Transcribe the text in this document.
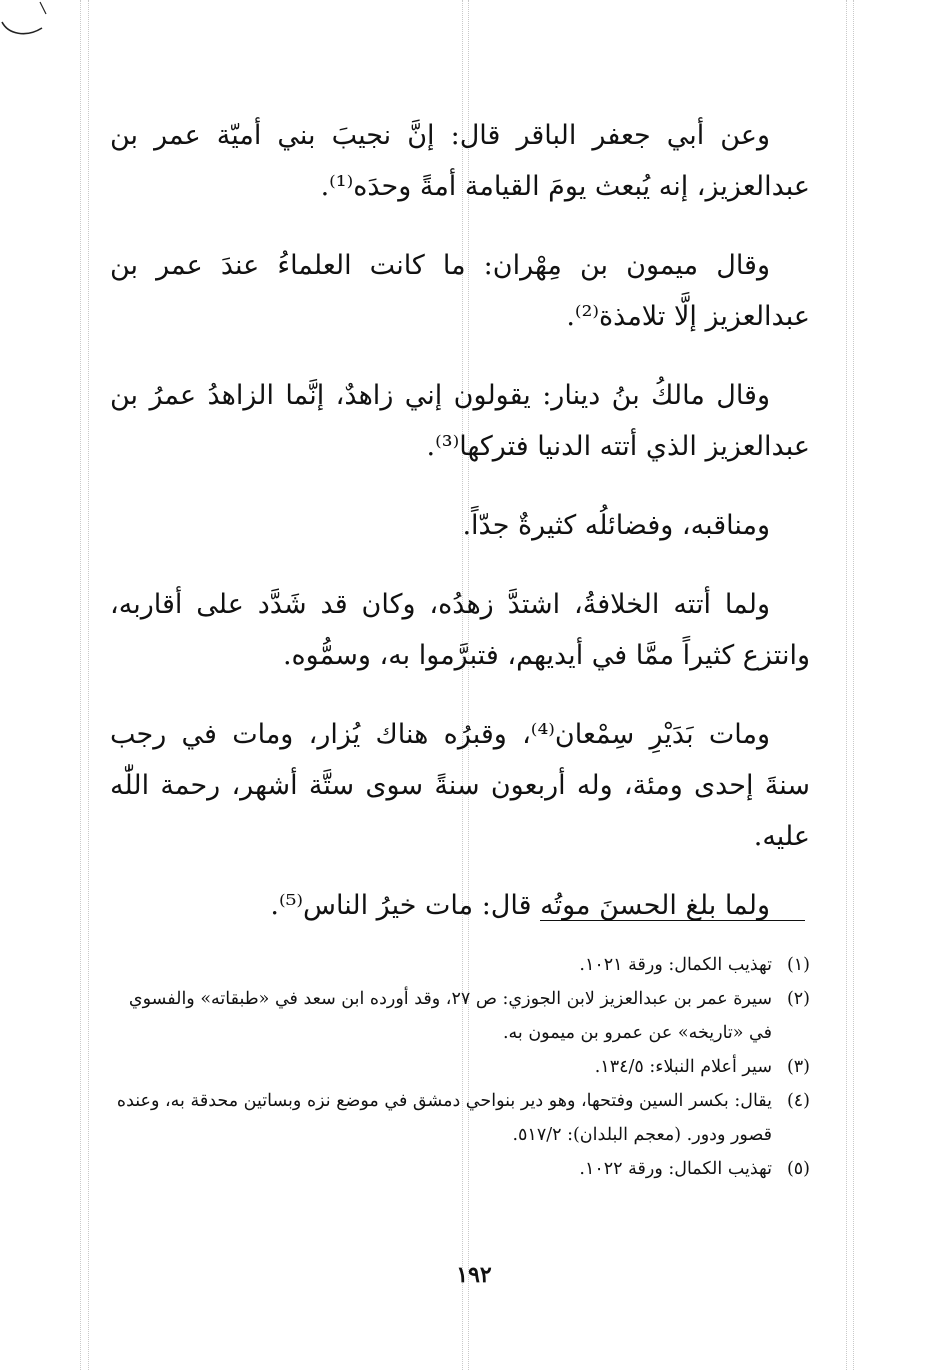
وعن أبي جعفر الباقر قال: إنَّ نجيبَ بني أميّة عمر بن عبدالعزيز، إنه يُبعث يومَ القيامة أمةً وحدَه⁽¹⁾.

وقال ميمون بن مِهْران: ما كانت العلماءُ عندَ عمر بن عبدالعزيز إلَّا تلامذة⁽²⁾.

وقال مالكُ بنُ دينار: يقولون إني زاهدٌ، إنَّما الزاهدُ عمرُ بن عبدالعزيز الذي أتته الدنيا فتركها⁽³⁾.

ومناقبه، وفضائلُه كثيرةٌ جدّاً.

ولما أتته الخلافةُ، اشتدَّ زهدُه، وكان قد شَدَّد على أقاربه، وانتزع كثيراً ممَّا في أيديهم، فتبرَّموا به، وسمُّوه.

ومات بَدَيْرِ سِمْعان⁽⁴⁾، وقبرُه هناك يُزار، ومات في رجب سنةَ إحدى ومئة، وله أربعون سنةً سوى ستَّة أشهر، رحمة اللّٰه عليه.

ولما بلغ الحسنَ موتُه قال: مات خيرُ الناس⁽⁵⁾.

(١)
تهذيب الكمال: ورقة ١٠٢١.
(٢)
سيرة عمر بن عبدالعزيز لابن الجوزي: ص ٢٧، وقد أورده ابن سعد في «طبقاته» والفسوي في «تاريخه» عن عمرو بن ميمون به.
(٣)
سير أعلام النبلاء: ١٣٤/٥.
(٤)
يقال: بكسر السين وفتحها، وهو دير بنواحي دمشق في موضع نزه وبساتين محدقة به، وعنده قصور ودور. (معجم البلدان): ٥١٧/٢.
(٥)
تهذيب الكمال: ورقة ١٠٢٢.
١٩٢
